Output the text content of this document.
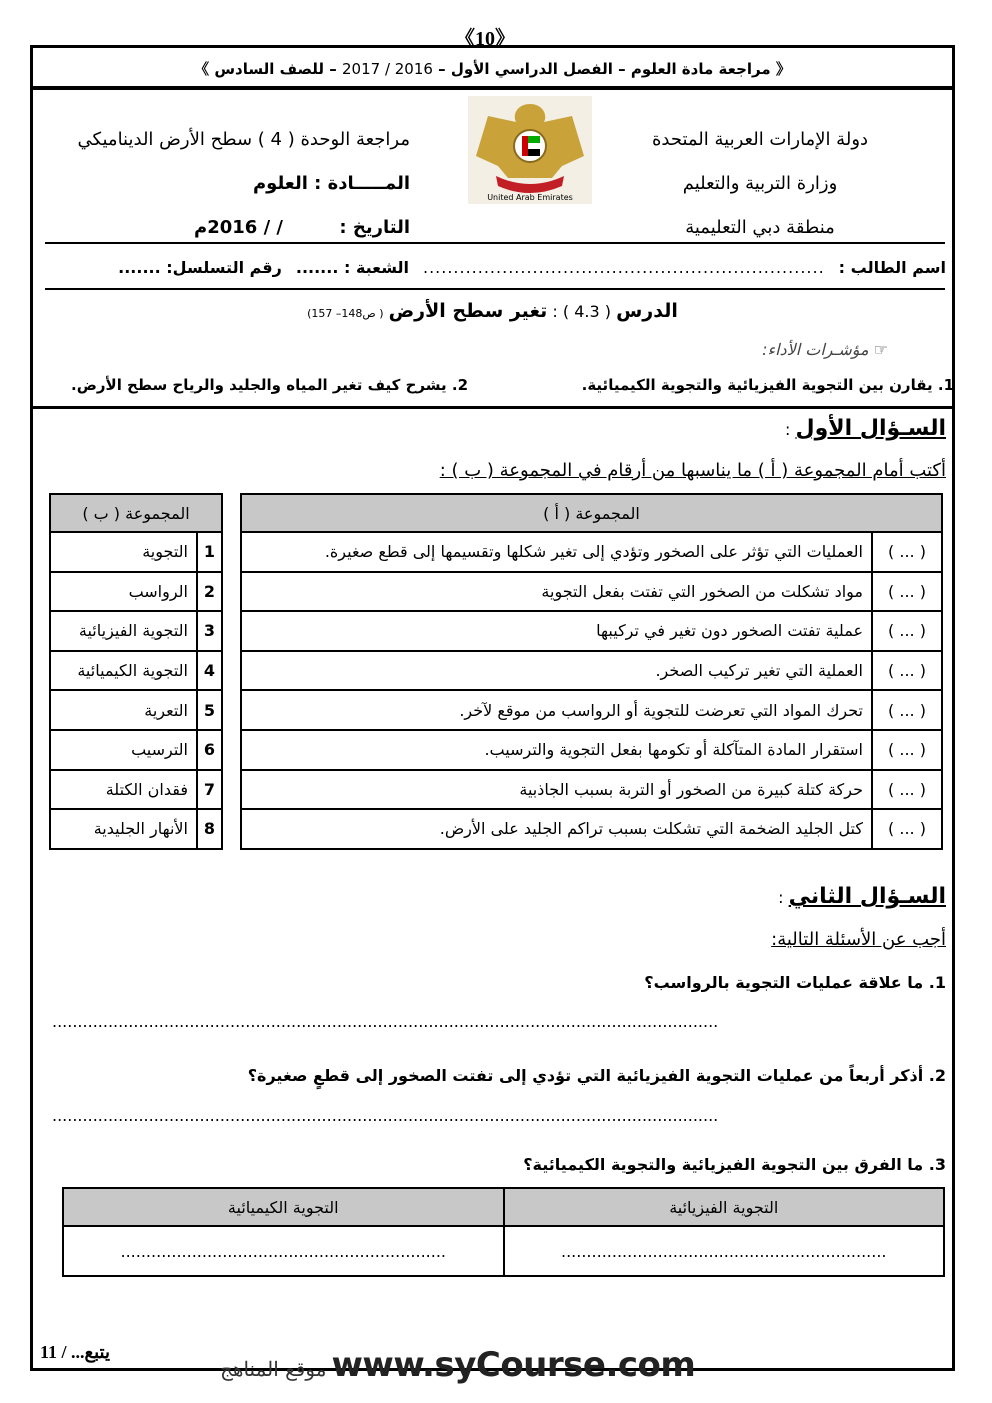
《10》
《 مراجعة مادة العلوم – الفصل الدراسي الأول – 2016 / 2017 – للصف السادس 》
دولة الإمارات العربية المتحدة
وزارة التربية والتعليم
منطقة دبي التعليمية
United Arab Emirates
مراجعة الوحدة ( 4 ) سطح الأرض الديناميكي
المـــــادة : العلوم
التاريخ :         / / 2016م
اسم الطالب :
..................................................................
الشعبة : .......
رقم التسلسل: .......
الدرس ( 4.3 ) : تغير سطح الأرض ( ص148– 157)
☞ مؤشـرات الأداء:
1. يقارن بين التجوية الفيزيائية والتجوية الكيميائية.
2. يشرح كيف تغير المياه والجليد والرياح سطح الأرض.
السـؤال الأول :
أكتب أمام المجموعة ( أ ) ما يناسبها من أرقام في المجموعة ( ب ) :
المجموعة ( أ )	
( ... )	العمليات التي تؤثر على الصخور وتؤدي إلى تغير شكلها وتقسيمها إلى قطع صغيرة.
( ... )	مواد تشكلت من الصخور التي تفتت بفعل التجوية
( ... )	عملية تفتت الصخور دون تغير في تركيبها
( ... )	العملية التي تغير تركيب الصخر.
( ... )	تحرك المواد التي تعرضت للتجوية أو الرواسب من موقع لآخر.
( ... )	استقرار المادة المتآكلة أو تكومها بفعل التجوية والترسيب.
( ... )	حركة كتلة كبيرة من الصخور أو التربة بسبب الجاذبية
( ... )	كتل الجليد الضخمة التي تشكلت بسبب تراكم الجليد على الأرض.
المجموعة ( ب )	
1	التجوية
2	الرواسب
3	التجوية الفيزيائية
4	التجوية الكيميائية
5	التعرية
6	الترسيب
7	فقدان الكتلة
8	الأنهار الجليدية
السـؤال الثاني :
أجب عن الأسئلة التالية:
1. ما علاقة عمليات التجوية بالرواسب؟
...................................................................................................................................
2. أذكر أربعاً من عمليات التجوية الفيزيائية التي تؤدي إلى تفتت الصخور إلى قطعٍ صغيرة؟
...................................................................................................................................
3. ما الفرق بين التجوية الفيزيائية والتجوية الكيميائية؟
التجوية الفيزيائية	التجوية الكيميائية
................................................................	................................................................
يتبع... / 11
موقع المناهج www.syCourse.com
